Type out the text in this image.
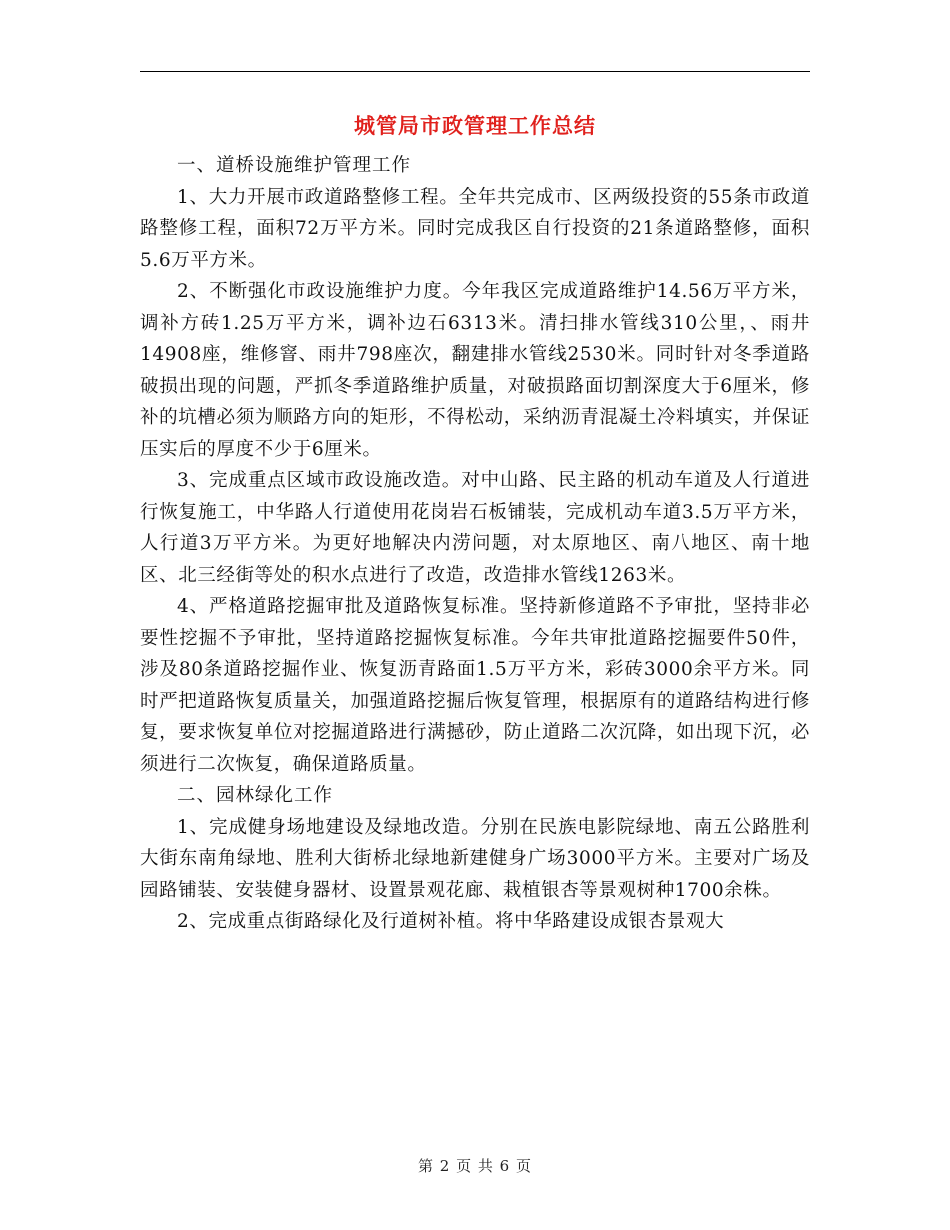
城管局市政管理工作总结

一、道桥设施维护管理工作

1、大力开展市政道路整修工程。全年共完成市、区两级投资的55条市政道路整修工程，面积72万平方米。同时完成我区自行投资的21条道路整修，面积5.6万平方米。

2、不断强化市政设施维护力度。今年我区完成道路维护14.56万平方米，调补方砖1.25万平方米，调补边石6313米。清扫排水管线310公里，、雨井14908座，维修窨、雨井798座次，翻建排水管线2530米。同时针对冬季道路破损出现的问题，严抓冬季道路维护质量，对破损路面切割深度大于6厘米，修补的坑槽必须为顺路方向的矩形，不得松动，采纳沥青混凝土冷料填实，并保证压实后的厚度不少于6厘米。

3、完成重点区域市政设施改造。对中山路、民主路的机动车道及人行道进行恢复施工，中华路人行道使用花岗岩石板铺装，完成机动车道3.5万平方米，人行道3万平方米。为更好地解决内涝问题，对太原地区、南八地区、南十地区、北三经街等处的积水点进行了改造，改造排水管线1263米。

4、严格道路挖掘审批及道路恢复标准。坚持新修道路不予审批，坚持非必要性挖掘不予审批，坚持道路挖掘恢复标准。今年共审批道路挖掘要件50件，涉及80条道路挖掘作业、恢复沥青路面1.5万平方米，彩砖3000余平方米。同时严把道路恢复质量关，加强道路挖掘后恢复管理，根据原有的道路结构进行修复，要求恢复单位对挖掘道路进行满撼砂，防止道路二次沉降，如出现下沉，必须进行二次恢复，确保道路质量。

二、园林绿化工作

1、完成健身场地建设及绿地改造。分别在民族电影院绿地、南五公路胜利大街东南角绿地、胜利大街桥北绿地新建健身广场3000平方米。主要对广场及园路铺装、安装健身器材、设置景观花廊、栽植银杏等景观树种1700余株。

2、完成重点街路绿化及行道树补植。将中华路建设成银杏景观大

第 2 页 共 6 页
